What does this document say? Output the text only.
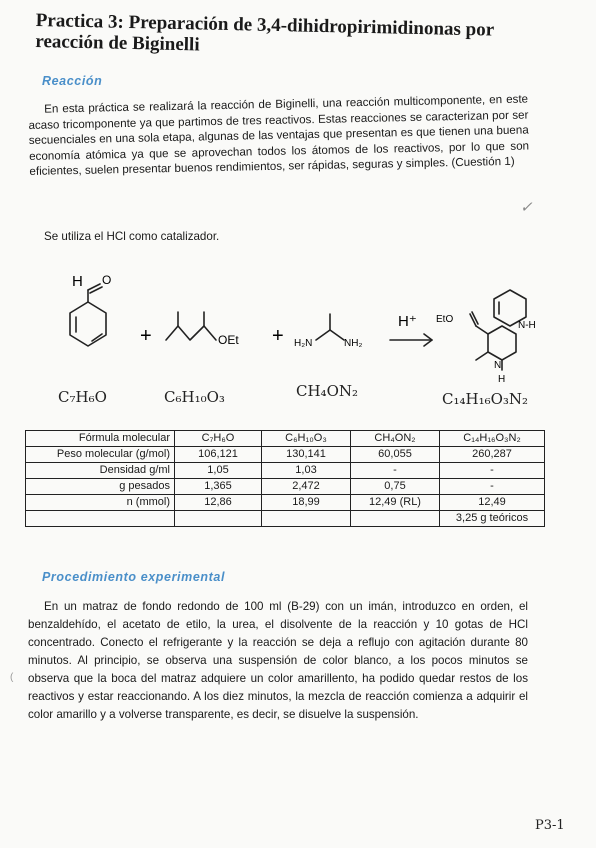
Practica 3: Preparación de 3,4-dihidropirimidinonas por reacción de Biginelli
Reacción
En esta práctica se realizará la reacción de Biginelli, una reacción multicomponente, en este acaso tricomponente ya que partimos de tres reactivos. Estas reacciones se caracterizan por ser secuenciales en una sola etapa, algunas de las ventajas que presentan es que tienen una buena economía atómica ya que se aprovechan todos los átomos de los reactivos, por lo que son eficientes, suelen presentar buenos rendimientos, ser rápidas, seguras y simples. (Cuestión 1)
✓
Se utiliza el HCl como catalizador.
H O
+	OEt + H₂N	NH₂
H⁺ EtO
N-H
N
H
C₇H₆O	C₆H₁₀O₃	CH₄ON₂	C₁₄H₁₆O₃N₂
Fórmula molecular	C₇H₆O	C₆H₁₀O₃	CH₄ON₂	C₁₄H₁₆O₃N₂
Peso molecular (g/mol)	106,121	130,141	60,055	260,287
Densidad g/ml	1,05	1,03	-	-
g pesados	1,365	2,472	0,75	-
n (mmol)	12,86	18,99	12,49 (RL)	12,49
				3,25 g teóricos
Procedimiento experimental
En un matraz de fondo redondo de 100 ml (B-29) con un imán, introduzco en orden, el benzaldehído, el acetato de etilo, la urea, el disolvente de la reacción y 10 gotas de HCl concentrado. Conecto el refrigerante y la reacción se deja a reflujo con agitación durante 80 minutos. Al principio, se observa una suspensión de color blanco, a los pocos minutos se observa que la boca del matraz adquiere un color amarillento, ha podido quedar restos de los reactivos y estar reaccionando. A los diez minutos, la mezcla de reacción comienza a adquirir el color amarillo y a volverse transparente, es decir, se disuelve la suspensión.
(
P3-1
